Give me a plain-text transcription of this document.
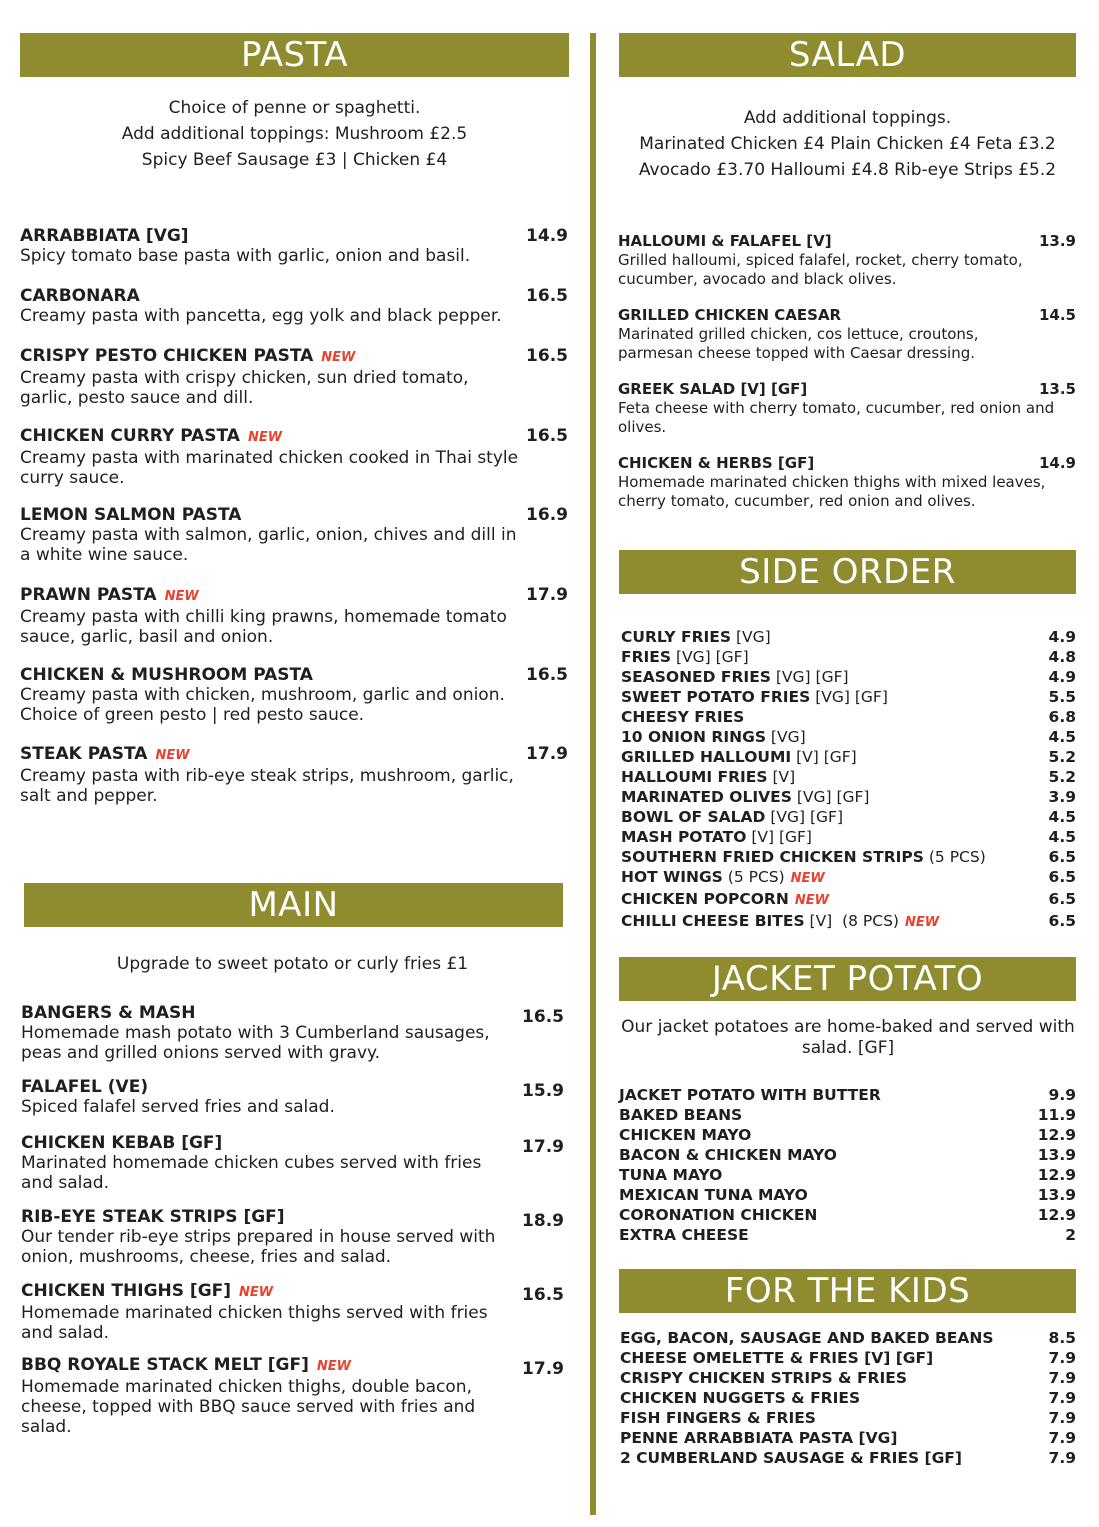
PASTA
Choice of penne or spaghetti.
Add additional toppings: Mushroom £2.5
Spicy Beef Sausage £3 | Chicken £4
ARRABBIATA [VG]
Spicy tomato base pasta with garlic, onion and basil.
14.9
CARBONARA
Creamy pasta with pancetta, egg yolk and black pepper.
16.5
CRISPY PESTO CHICKEN PASTA NEW
Creamy pasta with crispy chicken, sun dried tomato, garlic, pesto sauce and dill.
16.5
CHICKEN CURRY PASTA NEW
Creamy pasta with marinated chicken cooked in Thai style curry sauce.
16.5
LEMON SALMON PASTA
Creamy pasta with salmon, garlic, onion, chives and dill in a white wine sauce.
16.9
PRAWN PASTA NEW
Creamy pasta with chilli king prawns, homemade tomato sauce, garlic, basil and onion.
17.9
CHICKEN & MUSHROOM PASTA
Creamy pasta with chicken, mushroom, garlic and onion. Choice of green pesto | red pesto sauce.
16.5
STEAK PASTA NEW
Creamy pasta with rib-eye steak strips, mushroom, garlic, salt and pepper.
17.9
MAIN
Upgrade to sweet potato or curly fries £1
BANGERS & MASH
Homemade mash potato with 3 Cumberland sausages, peas and grilled onions served with gravy.
16.5
FALAFEL (VE)
Spiced falafel served fries and salad.
15.9
CHICKEN KEBAB [GF]
Marinated homemade chicken cubes served with fries and salad.
17.9
RIB-EYE STEAK STRIPS [GF]
Our tender rib-eye strips prepared in house served with onion, mushrooms, cheese, fries and salad.
18.9
CHICKEN THIGHS [GF] NEW
Homemade marinated chicken thighs served with fries and salad.
16.5
BBQ ROYALE STACK MELT [GF] NEW
Homemade marinated chicken thighs, double bacon, cheese, topped with BBQ sauce served with fries and salad.
17.9
SALAD
Add additional toppings.
Marinated Chicken £4 Plain Chicken £4 Feta £3.2
Avocado £3.70 Halloumi £4.8 Rib-eye Strips £5.2
HALLOUMI & FALAFEL [V]
Grilled halloumi, spiced falafel, rocket, cherry tomato, cucumber, avocado and black olives.
13.9
GRILLED CHICKEN CAESAR
Marinated grilled chicken, cos lettuce, croutons, parmesan cheese topped with Caesar dressing.
14.5
GREEK SALAD [V] [GF]
Feta cheese with cherry tomato, cucumber, red onion and olives.
13.5
CHICKEN & HERBS [GF]
Homemade marinated chicken thighs with mixed leaves, cherry tomato, cucumber, red onion and olives.
14.9
SIDE ORDER
CURLY FRIES [VG]	4.9
FRIES [VG] [GF]	4.8
SEASONED FRIES [VG] [GF]	4.9
SWEET POTATO FRIES [VG] [GF]	5.5
CHEESY FRIES	6.8
10 ONION RINGS [VG]	4.5
GRILLED HALLOUMI [V] [GF]	5.2
HALLOUMI FRIES [V]	5.2
MARINATED OLIVES [VG] [GF]	3.9
BOWL OF SALAD [VG] [GF]	4.5
MASH POTATO [V] [GF]	4.5
SOUTHERN FRIED CHICKEN STRIPS (5 PCS)	6.5
HOT WINGS (5 PCS) NEW	6.5
CHICKEN POPCORN NEW	6.5
CHILLI CHEESE BITES [V]  (8 PCS) NEW	6.5
JACKET POTATO
Our jacket potatoes are home-baked and served with
salad. [GF]
JACKET POTATO WITH BUTTER	9.9
BAKED BEANS	11.9
CHICKEN MAYO	12.9
BACON & CHICKEN MAYO	13.9
TUNA MAYO	12.9
MEXICAN TUNA MAYO	13.9
CORONATION CHICKEN	12.9
EXTRA CHEESE	2
FOR THE KIDS
EGG, BACON, SAUSAGE AND BAKED BEANS	8.5
CHEESE OMELETTE & FRIES [V] [GF]	7.9
CRISPY CHICKEN STRIPS & FRIES	7.9
CHICKEN NUGGETS & FRIES	7.9
FISH FINGERS & FRIES	7.9
PENNE ARRABBIATA PASTA [VG]	7.9
2 CUMBERLAND SAUSAGE & FRIES [GF]	7.9
